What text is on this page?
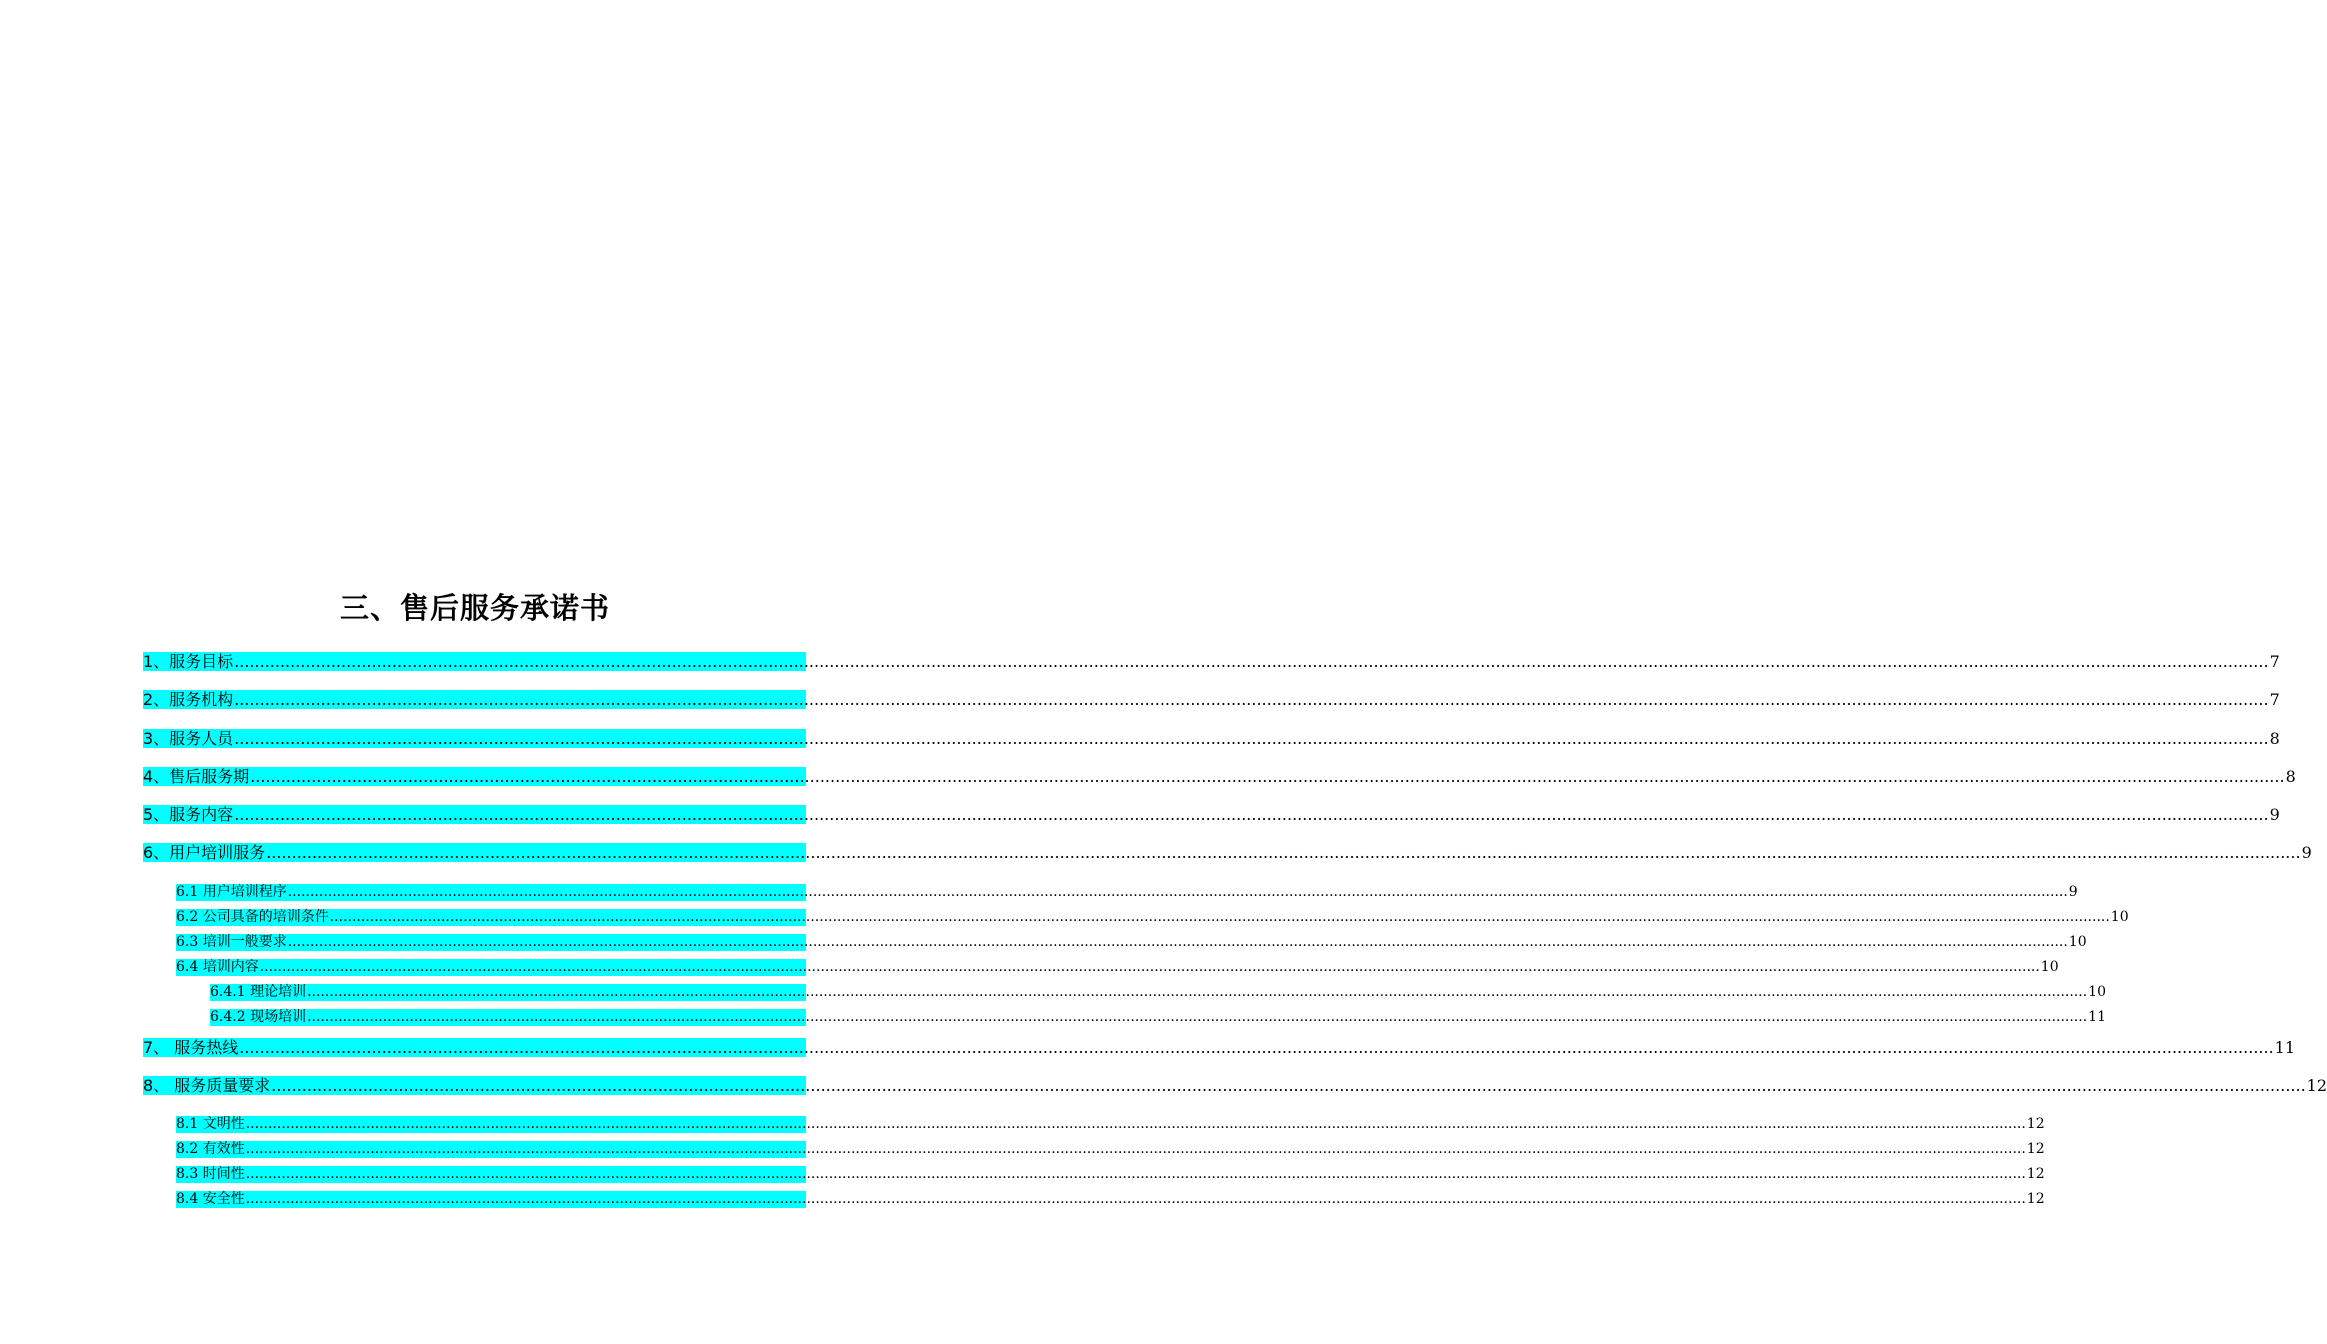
三、售后服务承诺书
1、服务目标 ................................................................................................................................................................................................................................................................................................................................................................................................................ 7
2、服务机构 ................................................................................................................................................................................................................................................................................................................................................................................................................ 7
3、服务人员 ................................................................................................................................................................................................................................................................................................................................................................................................................ 8
4、售后服务期 ................................................................................................................................................................................................................................................................................................................................................................................................................ 8
5、服务内容 ................................................................................................................................................................................................................................................................................................................................................................................................................ 9
6、用户培训服务 ................................................................................................................................................................................................................................................................................................................................................................................................................ 9
6.1 用户培训程序 ................................................................................................................................................................................................................................................................................................................................................................................................................ 9
6.2 公司具备的培训条件 ................................................................................................................................................................................................................................................................................................................................................................................................................ 10
6.3 培训一般要求 ................................................................................................................................................................................................................................................................................................................................................................................................................ 10
6.4 培训内容 ................................................................................................................................................................................................................................................................................................................................................................................................................ 10
6.4.1 理论培训 ................................................................................................................................................................................................................................................................................................................................................................................................................ 10
6.4.2 现场培训 ................................................................................................................................................................................................................................................................................................................................................................................................................ 11
7、 服务热线 ................................................................................................................................................................................................................................................................................................................................................................................................................ 11
8、 服务质量要求 ................................................................................................................................................................................................................................................................................................................................................................................................................ 12
8.1 文明性 ................................................................................................................................................................................................................................................................................................................................................................................................................ 12
8.2 有效性 ................................................................................................................................................................................................................................................................................................................................................................................................................ 12
8.3 时间性 ................................................................................................................................................................................................................................................................................................................................................................................................................ 12
8.4 安全性 ................................................................................................................................................................................................................................................................................................................................................................................................................ 12
